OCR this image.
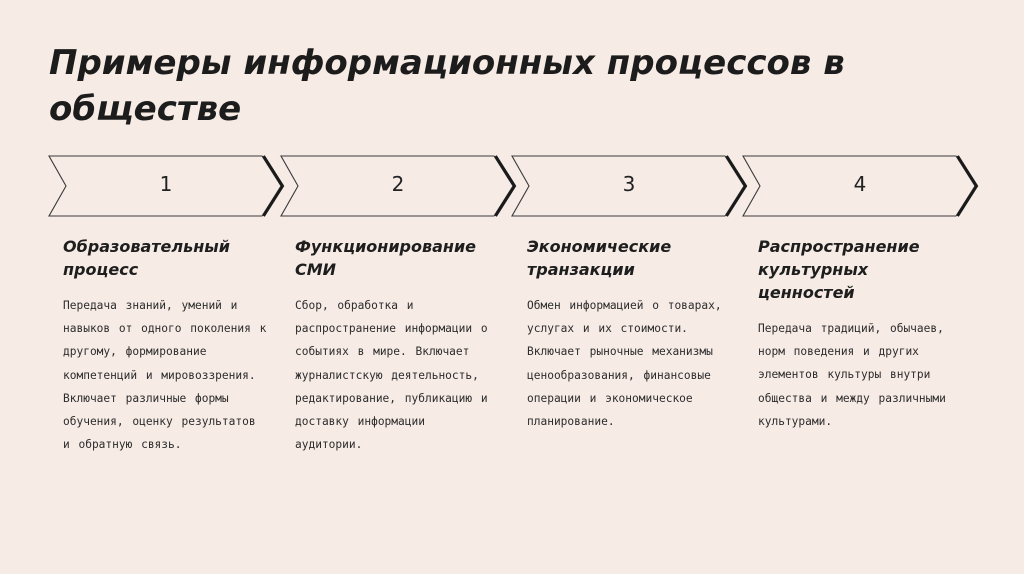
Примеры информационных процессов в обществе
1	2	3	4
Образовательный процесс

Передача знаний, умений и навыков от одного поколения к другому, формирование компетенций и мировоззрения. Включает различные формы обучения, оценку результатов и обратную связь.

Функционирование СМИ

Сбор, обработка и распространение информации о событиях в мире. Включает журналистскую деятельность, редактирование, публикацию и доставку информации аудитории.

Экономические транзакции

Обмен информацией о товарах, услугах и их стоимости. Включает рыночные механизмы ценообразования, финансовые операции и экономическое планирование.

Распространение культурных ценностей

Передача традиций, обычаев, норм поведения и других элементов культуры внутри общества и между различными культурами.
